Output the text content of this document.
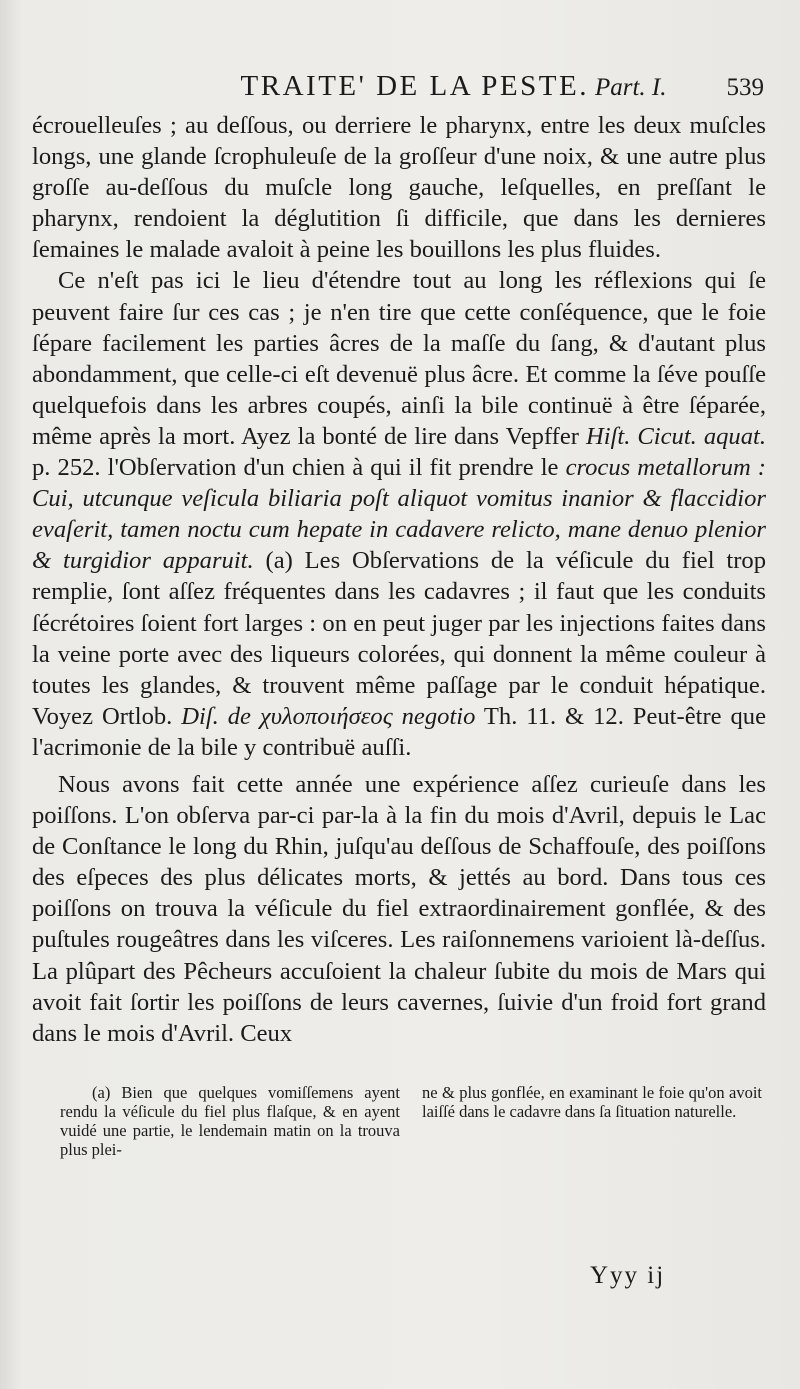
TRAITE' DE LA PESTE. Part. I. 539

écrouelleuſes ; au deſſous, ou derriere le pharynx, entre les deux muſcles longs, une glande ſcrophuleuſe de la groſſeur d'une noix, & une autre plus groſſe au-deſſous du muſcle long gauche, leſquelles, en preſſant le pharynx, rendoient la déglutition ſi difficile, que dans les dernieres ſemaines le malade avaloit à peine les bouillons les plus fluides.

Ce n'eſt pas ici le lieu d'étendre tout au long les réflexions qui ſe peuvent faire ſur ces cas ; je n'en tire que cette conſéquence, que le foie ſépare facilement les parties âcres de la maſſe du ſang, & d'autant plus abondamment, que celle-ci eſt devenuë plus âcre. Et comme la ſéve pouſſe quelquefois dans les arbres coupés, ainſi la bile continuë à être ſéparée, même après la mort. Ayez la bonté de lire dans Vepffer Hiſt. Cicut. aquat. p. 252. l'Obſervation d'un chien à qui il fit prendre le crocus metallorum : Cui, utcunque veſicula biliaria poſt aliquot vomitus inanior & flaccidior evaſerit, tamen noctu cum hepate in cadavere relicto, mane denuo plenior & turgidior apparuit. (a) Les Obſervations de la véſicule du fiel trop remplie, ſont aſſez fréquentes dans les cadavres ; il faut que les conduits ſécrétoires ſoient fort larges : on en peut juger par les injections faites dans la veine porte avec des liqueurs colorées, qui donnent la même couleur à toutes les glandes, & trouvent même paſſage par le conduit hépatique. Voyez Ortlob. Diſ. de χυλοποιήσεος negotio Th. 11. & 12. Peut-être que l'acrimonie de la bile y contribuë auſſi.

Nous avons fait cette année une expérience aſſez curieuſe dans les poiſſons. L'on obſerva par-ci par-la à la fin du mois d'Avril, depuis le Lac de Conſtance le long du Rhin, juſqu'au deſſous de Schaffouſe, des poiſſons des eſpeces des plus délicates morts, & jettés au bord. Dans tous ces poiſſons on trouva la véſicule du fiel extraordinairement gonflée, & des puſtules rougeâtres dans les viſceres. Les raiſonnemens varioient là-deſſus. La plûpart des Pêcheurs accuſoient la chaleur ſubite du mois de Mars qui avoit fait ſortir les poiſſons de leurs cavernes, ſuivie d'un froid fort grand dans le mois d'Avril. Ceux

(a) Bien que quelques vomiſſemens ayent rendu la véſicule du fiel plus flaſque, & en ayent vuidé une partie, le lendemain matin on la trouva plus plei-
ne & plus gonflée, en examinant le foie qu'on avoit laiſſé dans le cadavre dans ſa ſituation naturelle.
Yyy ij
